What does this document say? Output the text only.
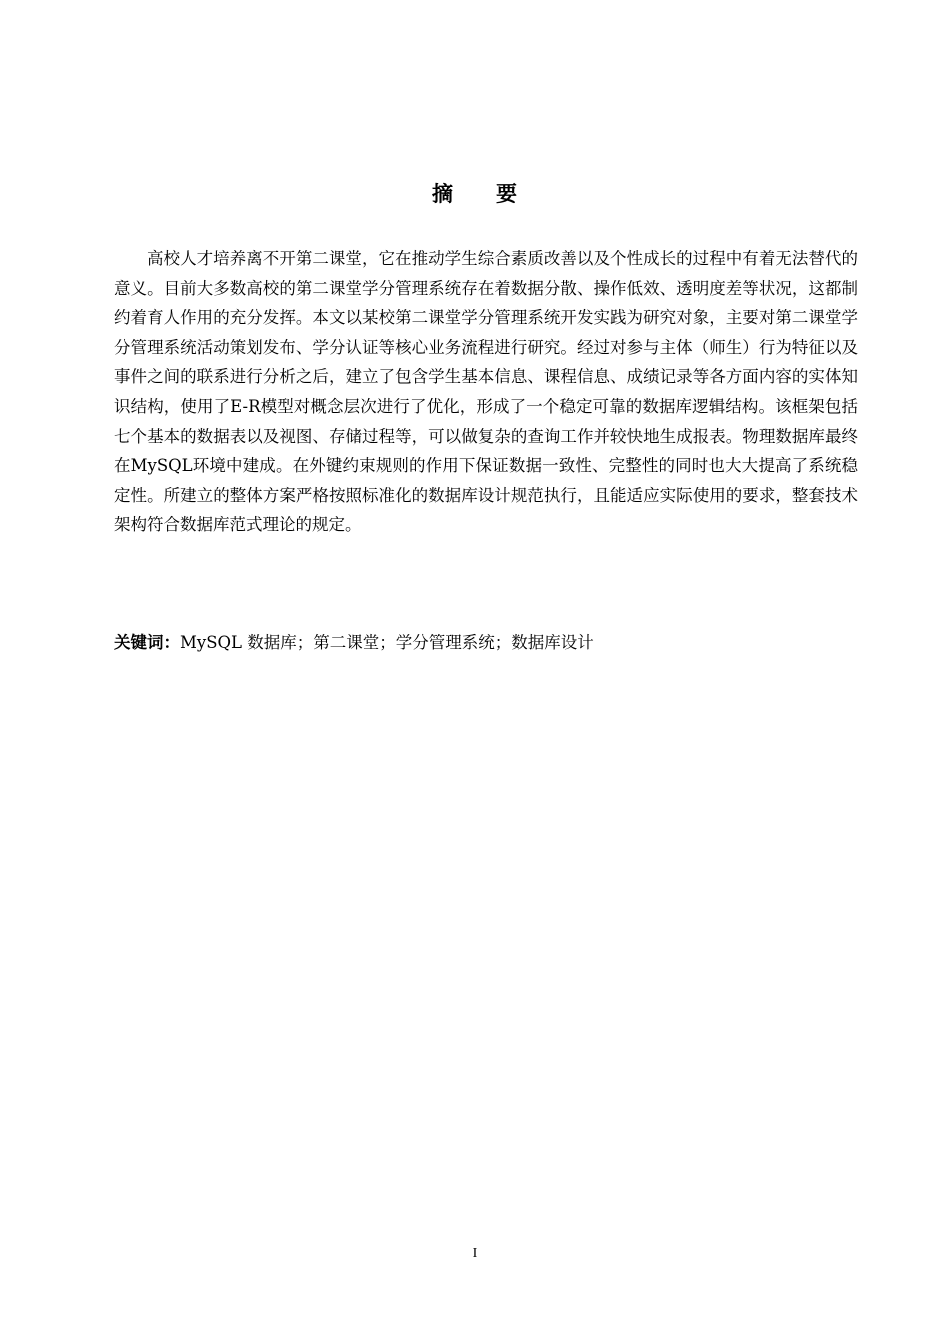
摘 要

高校人才培养离不开第二课堂，它在推动学生综合素质改善以及个性成长的过程中有着无法替代的意义。目前大多数高校的第二课堂学分管理系统存在着数据分散、操作低效、透明度差等状况，这都制约着育人作用的充分发挥。本文以某校第二课堂学分管理系统开发实践为研究对象，主要对第二课堂学分管理系统活动策划发布、学分认证等核心业务流程进行研究。经过对参与主体（师生）行为特征以及事件之间的联系进行分析之后，建立了包含学生基本信息、课程信息、成绩记录等各方面内容的实体知识结构，使用了E-R模型对概念层次进行了优化，形成了一个稳定可靠的数据库逻辑结构。该框架包括七个基本的数据表以及视图、存储过程等，可以做复杂的查询工作并较快地生成报表。物理数据库最终在MySQL环境中建成。在外键约束规则的作用下保证数据一致性、完整性的同时也大大提高了系统稳定性。所建立的整体方案严格按照标准化的数据库设计规范执行，且能适应实际使用的要求，整套技术架构符合数据库范式理论的规定。

关键词：MySQL 数据库；第二课堂；学分管理系统；数据库设计

I
